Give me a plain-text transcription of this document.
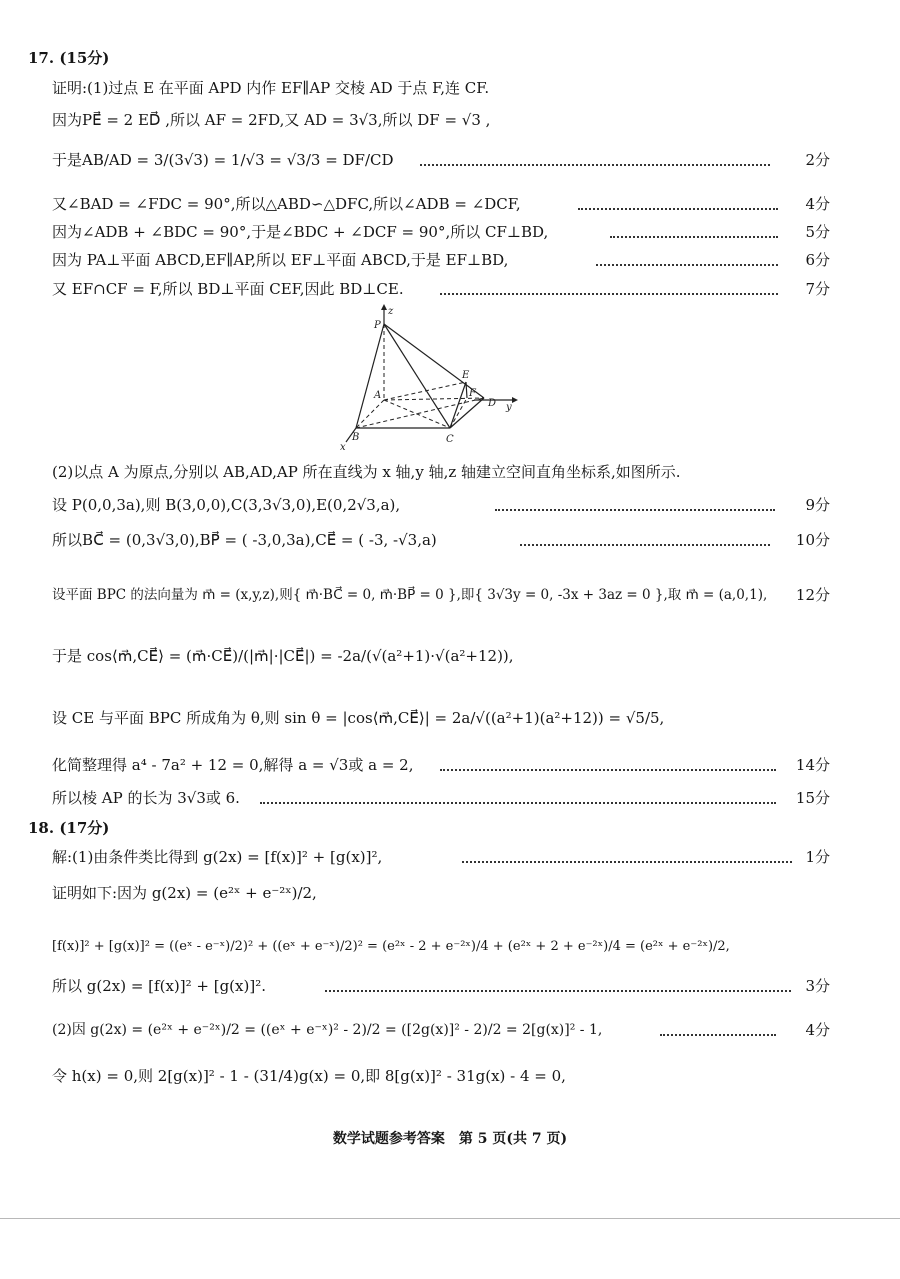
17. (15分)
证明:(1)过点 E 在平面 APD 内作 EF∥AP 交棱 AD 于点 F,连 CF.
因为PE⃗ = 2 ED⃗ ,所以 AF = 2FD,又 AD = 3√3,所以 DF = √3 ,
于是AB/AD = 3/(3√3) = 1/√3 = √3/3 = DF/CD	2分
又∠BAD = ∠FDC = 90°,所以△ABD∽△DFC,所以∠ADB = ∠DCF,	4分
因为∠ADB + ∠BDC = 90°,于是∠BDC + ∠DCF = 90°,所以 CF⊥BD,	5分
因为 PA⊥平面 ABCD,EF∥AP,所以 EF⊥平面 ABCD,于是 EF⊥BD,	6分
又 EF∩CF = F,所以 BD⊥平面 CEF,因此 BD⊥CE.	7分
P
z
E
F
D y
A
B	C
x
(2)以点 A 为原点,分别以 AB,AD,AP 所在直线为 x 轴,y 轴,z 轴建立空间直角坐标系,如图所示.
设 P(0,0,3a),则 B(3,0,0),C(3,3√3,0),E(0,2√3,a),	9分
所以BC⃗ = (0,3√3,0),BP⃗ = ( -3,0,3a),CE⃗ = ( -3, -√3,a)	10分
设平面 BPC 的法向量为 m⃗ = (x,y,z),则{ m⃗·BC⃗ = 0, m⃗·BP⃗ = 0 },即{ 3√3y = 0, -3x + 3az = 0 },取 m⃗ = (a,0,1), 12分
于是 cos⟨m⃗,CE⃗⟩ = (m⃗·CE⃗)/(|m⃗|·|CE⃗|) = -2a/(√(a²+1)·√(a²+12)),
设 CE 与平面 BPC 所成角为 θ,则 sin θ = |cos⟨m⃗,CE⃗⟩| = 2a/√((a²+1)(a²+12)) = √5/5,
化简整理得 a⁴ - 7a² + 12 = 0,解得 a = √3或 a = 2,	14分
所以棱 AP 的长为 3√3或 6.	15分
18. (17分)
解:(1)由条件类比得到 g(2x) = [f(x)]² + [g(x)]²,	1分
证明如下:因为 g(2x) = (e²ˣ + e⁻²ˣ)/2,
[f(x)]² + [g(x)]² = ((eˣ - e⁻ˣ)/2)² + ((eˣ + e⁻ˣ)/2)² = (e²ˣ - 2 + e⁻²ˣ)/4 + (e²ˣ + 2 + e⁻²ˣ)/4 = (e²ˣ + e⁻²ˣ)/2,
所以 g(2x) = [f(x)]² + [g(x)]².	3分
(2)因 g(2x) = (e²ˣ + e⁻²ˣ)/2 = ((eˣ + e⁻ˣ)² - 2)/2 = ([2g(x)]² - 2)/2 = 2[g(x)]² - 1,	4分
令 h(x) = 0,则 2[g(x)]² - 1 - (31/4)g(x) = 0,即 8[g(x)]² - 31g(x) - 4 = 0,
数学试题参考答案　第 5 页(共 7 页)
